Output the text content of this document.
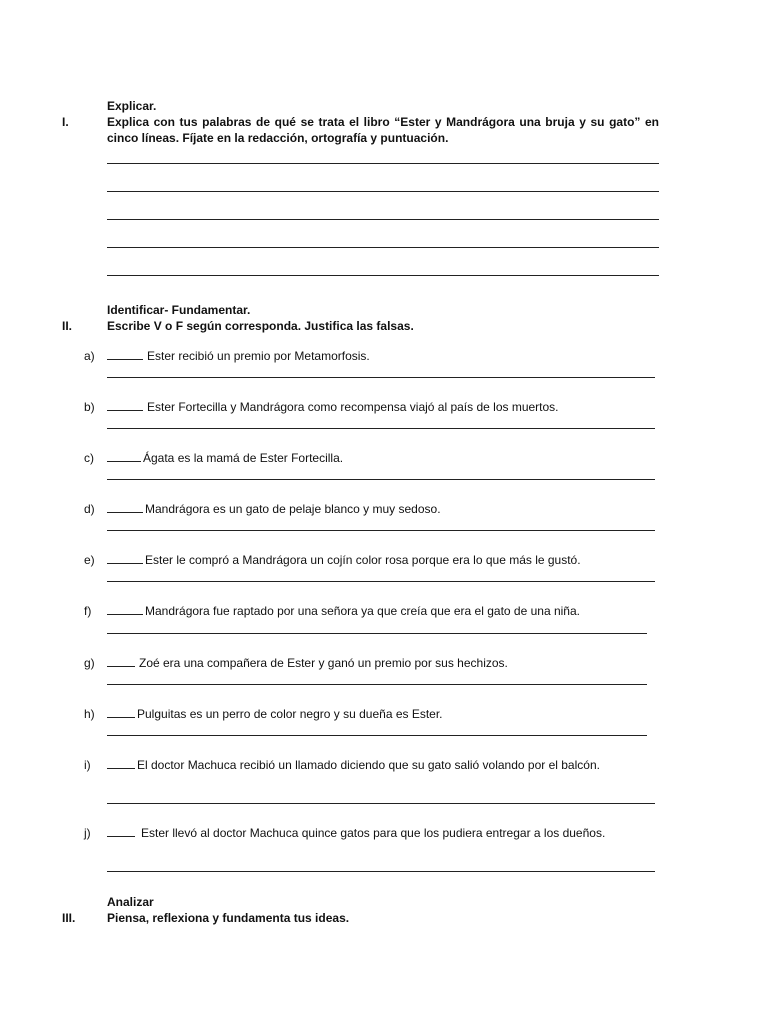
Explicar.
I.	Explica con tus palabras de qué se trata el libro “Ester y Mandrágora una bruja y su gato” en cinco líneas. Fíjate en la redacción, ortografía y puntuación.
Identificar- Fundamentar.
II.	Escribe V o F según corresponda. Justifica las falsas.
a)	Ester recibió un premio por Metamorfosis.
b)	Ester Fortecilla y Mandrágora como recompensa viajó al país de los muertos.
c)	Ágata es la mamá de Ester Fortecilla.
d)	Mandrágora es un gato de pelaje blanco y muy sedoso.
e)	Ester le compró a Mandrágora un cojín color rosa porque era lo que más le gustó.
f)	Mandrágora fue raptado por una señora ya que creía que era el gato de una niña.
g)	Zoé era una compañera de Ester y ganó un premio por sus hechizos.
h)	Pulguitas es un perro de color negro y su dueña es Ester.
i)	El doctor Machuca recibió un llamado diciendo que su gato salió volando por el balcón.
j)	Ester llevó al doctor Machuca quince gatos para que los pudiera entregar a los dueños.
Analizar
III.	Piensa, reflexiona y fundamenta tus ideas.
